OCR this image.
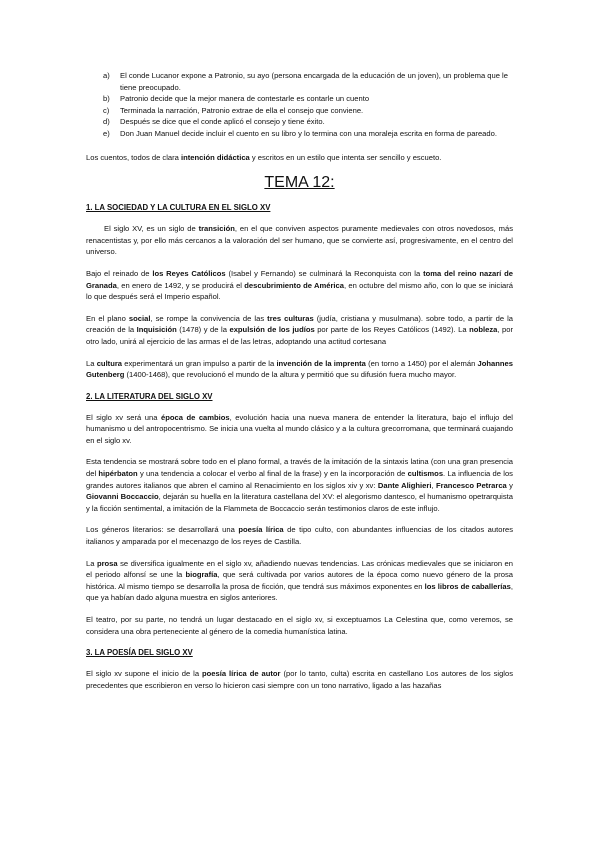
a)	El conde Lucanor expone a Patronio, su ayo (persona encargada de la educación de un joven), un problema que le tiene preocupado.
b)	Patronio decide que la mejor manera de contestarle es contarle un cuento
c)	Terminada la narración, Patronio extrae de ella el consejo que conviene.
d)	Después se dice que el conde aplicó el consejo y tiene éxito.
e)	Don Juan Manuel decide incluir el cuento en su libro y lo termina con una moraleja escrita en forma de pareado.

Los cuentos, todos de clara intención didáctica y escritos en un estilo que intenta ser sencillo y escueto.

TEMA 12:
1. LA SOCIEDAD Y LA CULTURA EN EL SIGLO XV

El siglo XV, es un siglo de transición, en el que conviven aspectos puramente medievales con otros novedosos, más renacentistas y, por ello más cercanos a la valoración del ser humano, que se convierte así, progresivamente, en el centro del universo.

Bajo el reinado de los Reyes Católicos (Isabel y Fernando) se culminará la Reconquista con la toma del reino nazarí de Granada, en enero de 1492, y se producirá el descubrimiento de América, en octubre del mismo año, con lo que se iniciará lo que después será el Imperio español.

En el plano social, se rompe la convivencia de las tres culturas (judía, cristiana y musulmana). sobre todo, a partir de la creación de la Inquisición (1478) y de la expulsión de los judíos por parte de los Reyes Católicos (1492). La nobleza, por otro lado, unirá al ejercicio de las armas el de las letras, adoptando una actitud cortesana

La cultura experimentará un gran impulso a partir de la invención de la imprenta (en torno a 1450) por el alemán Johannes Gutenberg (1400-1468), que revolucionó el mundo de la altura y permitió que su difusión fuera mucho mayor.

2. LA LITERATURA DEL SIGLO XV

El siglo xv será una época de cambios, evolución hacia una nueva manera de entender la literatura, bajo el influjo del humanismo u del antropocentrismo. Se inicia una vuelta al mundo clásico y a la cultura grecorromana, que terminará cuajando en el siglo xv.

Esta tendencia se mostrará sobre todo en el plano formal, a través de la imitación de la sintaxis latina (con una gran presencia del hipérbaton y una tendencia a colocar el verbo al final de la frase) y en la incorporación de cultismos. La influencia de los grandes autores italianos que abren el camino al Renacimiento en los siglos xiv y xv: Dante Alighieri, Francesco Petrarca y Giovanni Boccaccio, dejarán su huella en la literatura castellana del XV: el alegorismo dantesco, el humanismo opetrarquista y la ficción sentimental, a imitación de la Flammeta de Boccaccio serán testimonios claros de este influjo.

Los géneros literarios: se desarrollará una poesía lírica de tipo culto, con abundantes influencias de los citados autores italianos y amparada por el mecenazgo de los reyes de Castilla.

La prosa se diversifica igualmente en el siglo xv, añadiendo nuevas tendencias. Las crónicas medievales que se iniciaron en el periodo alfonsí se une la biografía, que será cultivada por varios autores de la época como nuevo género de la prosa histórica. Al mismo tiempo se desarrolla la prosa de ficción, que tendrá sus máximos exponentes en los libros de caballerías, que ya habían dado alguna muestra en siglos anteriores.

El teatro, por su parte, no tendrá un lugar destacado en el siglo xv, si exceptuamos La Celestina que, como veremos, se considera una obra perteneciente al género de la comedia humanística latina.

3. LA POESÍA DEL SIGLO XV

El siglo xv supone el inicio de la poesía lírica de autor (por lo tanto, culta) escrita en castellano Los autores de los siglos precedentes que escribieron en verso lo hicieron casi siempre con un tono narrativo, ligado a las hazañas
